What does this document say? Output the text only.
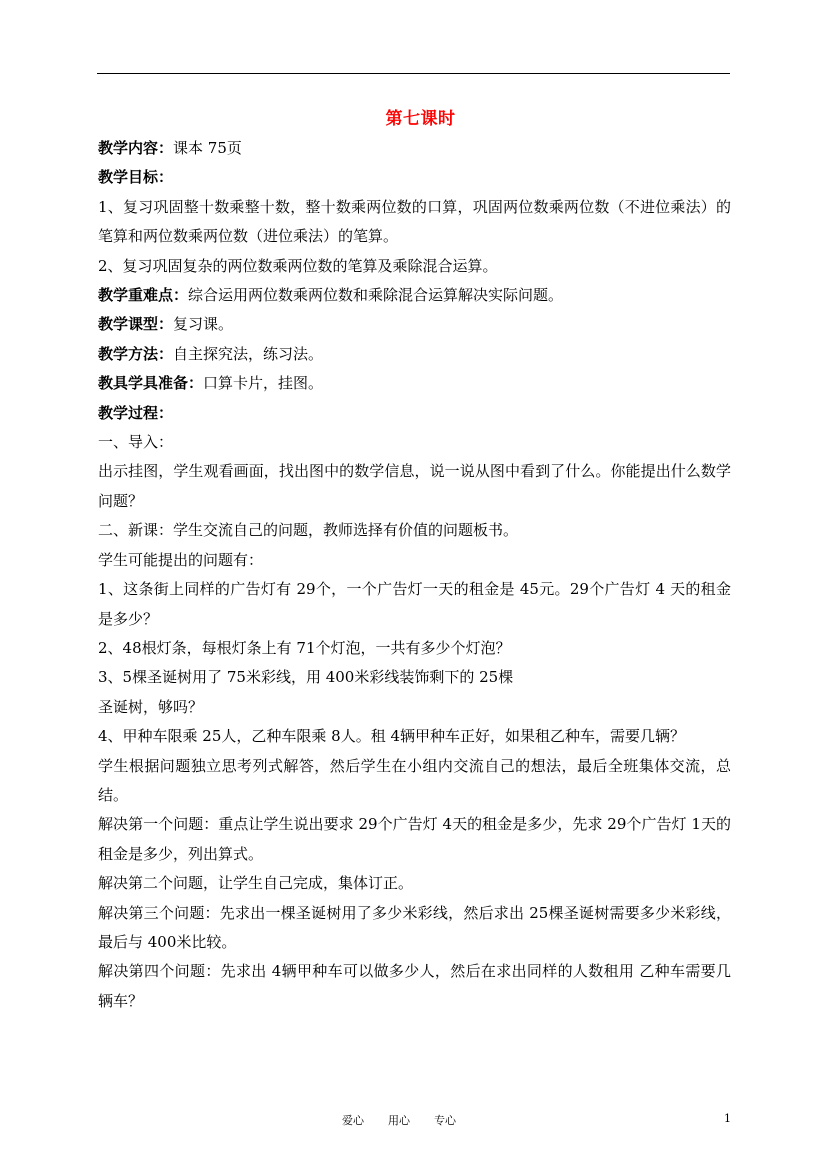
第七课时

教学内容：课本 75页

教学目标：

1、复习巩固整十数乘整十数，整十数乘两位数的口算，巩固两位数乘两位数（不进位乘法）的笔算和两位数乘两位数（进位乘法）的笔算。

2、复习巩固复杂的两位数乘两位数的笔算及乘除混合运算。

教学重难点：综合运用两位数乘两位数和乘除混合运算解决实际问题。

教学课型：复习课。

教学方法：自主探究法，练习法。

教具学具准备：口算卡片，挂图。

教学过程：

一、导入：

出示挂图，学生观看画面，找出图中的数学信息，说一说从图中看到了什么。你能提出什么数学问题？

二、新课：学生交流自己的问题，教师选择有价值的问题板书。

学生可能提出的问题有：

1、这条街上同样的广告灯有 29个，一个广告灯一天的租金是 45元。29个广告灯 4 天的租金是多少？

2、48根灯条，每根灯条上有 71个灯泡，一共有多少个灯泡？

3、5棵圣诞树用了 75米彩线，用 400米彩线装饰剩下的 25棵

圣诞树，够吗？

4、甲种车限乘 25人，乙种车限乘 8人。租 4辆甲种车正好，如果租乙种车，需要几辆？

学生根据问题独立思考列式解答，然后学生在小组内交流自己的想法，最后全班集体交流，总结。

解决第一个问题：重点让学生说出要求 29个广告灯 4天的租金是多少，先求 29个广告灯 1天的租金是多少，列出算式。

解决第二个问题，让学生自己完成，集体订正。

解决第三个问题：先求出一棵圣诞树用了多少米彩线，然后求出 25棵圣诞树需要多少米彩线，最后与 400米比较。

解决第四个问题：先求出 4辆甲种车可以做多少人，然后在求出同样的人数租用 乙种车需要几辆车？

爱心 用心 专心	1
